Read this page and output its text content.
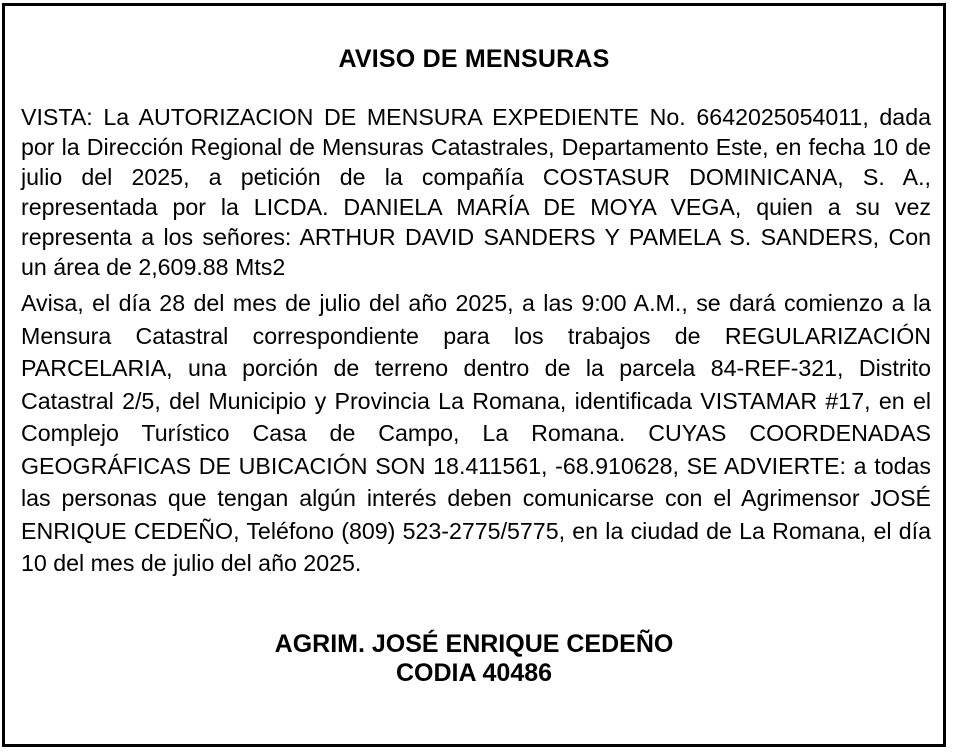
AVISO DE MENSURAS

VISTA: La AUTORIZACION DE MENSURA EXPEDIENTE No. 6642025054011, dada por la Dirección Regional de Mensuras Catastrales, Departamento Este, en fecha 10 de julio del 2025, a petición de la compañía COSTASUR DOMINICANA, S. A., representada por la LICDA. DANIELA MARÍA DE MOYA VEGA, quien a su vez representa a los señores: ARTHUR DAVID SANDERS Y PAMELA S. SANDERS, Con un área de 2,609.88 Mts2

Avisa, el día 28 del mes de julio del año 2025, a las 9:00 A.M., se dará comienzo a la Mensura Catastral correspondiente para los trabajos de REGULARIZACIÓN PARCELARIA, una porción de terreno dentro de la parcela 84-REF-321, Distrito Catastral 2/5, del Municipio y Provincia La Romana, identificada VISTAMAR #17, en el Complejo Turístico Casa de Campo, La Romana. CUYAS COORDENADAS GEOGRÁFICAS DE UBICACIÓN SON 18.411561, -68.910628, SE ADVIERTE: a todas las personas que tengan algún interés deben comunicarse con el Agrimensor JOSÉ ENRIQUE CEDEÑO, Teléfono (809) 523-2775/5775, en la ciudad de La Romana, el día 10 del mes de julio del año 2025.

AGRIM. JOSÉ ENRIQUE CEDEÑO
CODIA 40486
